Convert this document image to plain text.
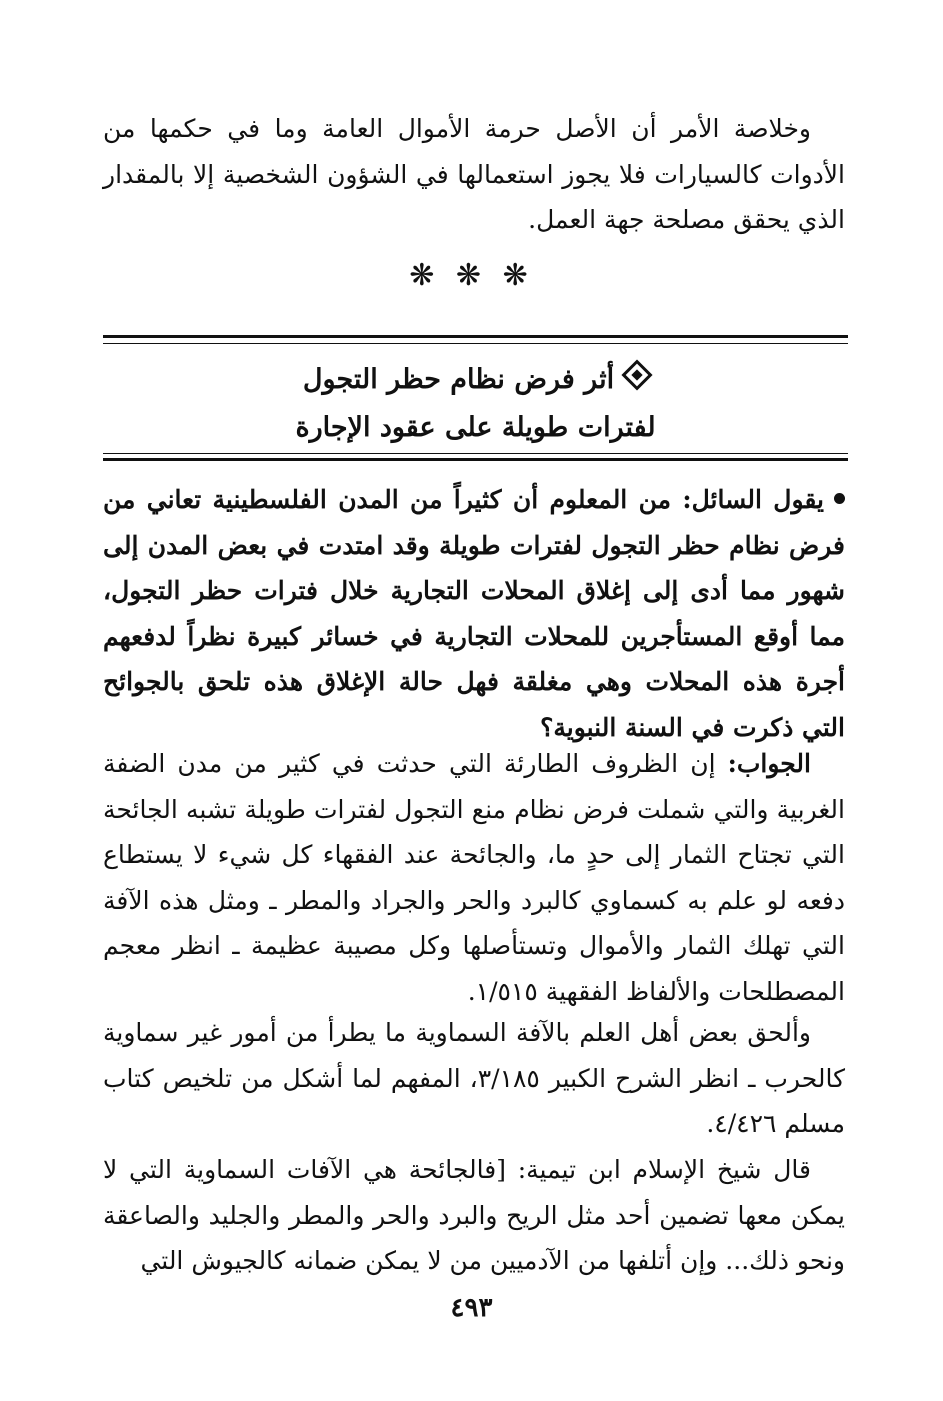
وخلاصة الأمر أن الأصل حرمة الأموال العامة وما في حكمها من الأدوات كالسيارات فلا يجوز استعمالها في الشؤون الشخصية إلا بالمقدار الذي يحقق مصلحة جهة العمل.

❋ ❋ ❋
أثر فرض نظام حظر التجول
لفترات طويلة على عقود الإجارة

يقول السائل: من المعلوم أن كثيراً من المدن الفلسطينية تعاني من فرض نظام حظر التجول لفترات طويلة وقد امتدت في بعض المدن إلى شهور مما أدى إلى إغلاق المحلات التجارية خلال فترات حظر التجول، مما أوقع المستأجرين للمحلات التجارية في خسائر كبيرة نظراً لدفعهم أجرة هذه المحلات وهي مغلقة فهل حالة الإغلاق هذه تلحق بالجوائح التي ذكرت في السنة النبوية؟

الجواب: إن الظروف الطارئة التي حدثت في كثير من مدن الضفة الغربية والتي شملت فرض نظام منع التجول لفترات طويلة تشبه الجائحة التي تجتاح الثمار إلى حدٍ ما، والجائحة عند الفقهاء كل شيء لا يستطاع دفعه لو علم به كسماوي كالبرد والحر والجراد والمطر ـ ومثل هذه الآفة التي تهلك الثمار والأموال وتستأصلها وكل مصيبة عظيمة ـ انظر معجم المصطلحات والألفاظ الفقهية ١/٥١٥.

وألحق بعض أهل العلم بالآفة السماوية ما يطرأ من أمور غير سماوية كالحرب ـ انظر الشرح الكبير ٣/١٨٥، المفهم لما أشكل من تلخيص كتاب مسلم ٤/٤٢٦.

قال شيخ الإسلام ابن تيمية: [فالجائحة هي الآفات السماوية التي لا يمكن معها تضمين أحد مثل الريح والبرد والحر والمطر والجليد والصاعقة ونحو ذلك... وإن أتلفها من الآدميين من لا يمكن ضمانه كالجيوش التي

٤٩٣
